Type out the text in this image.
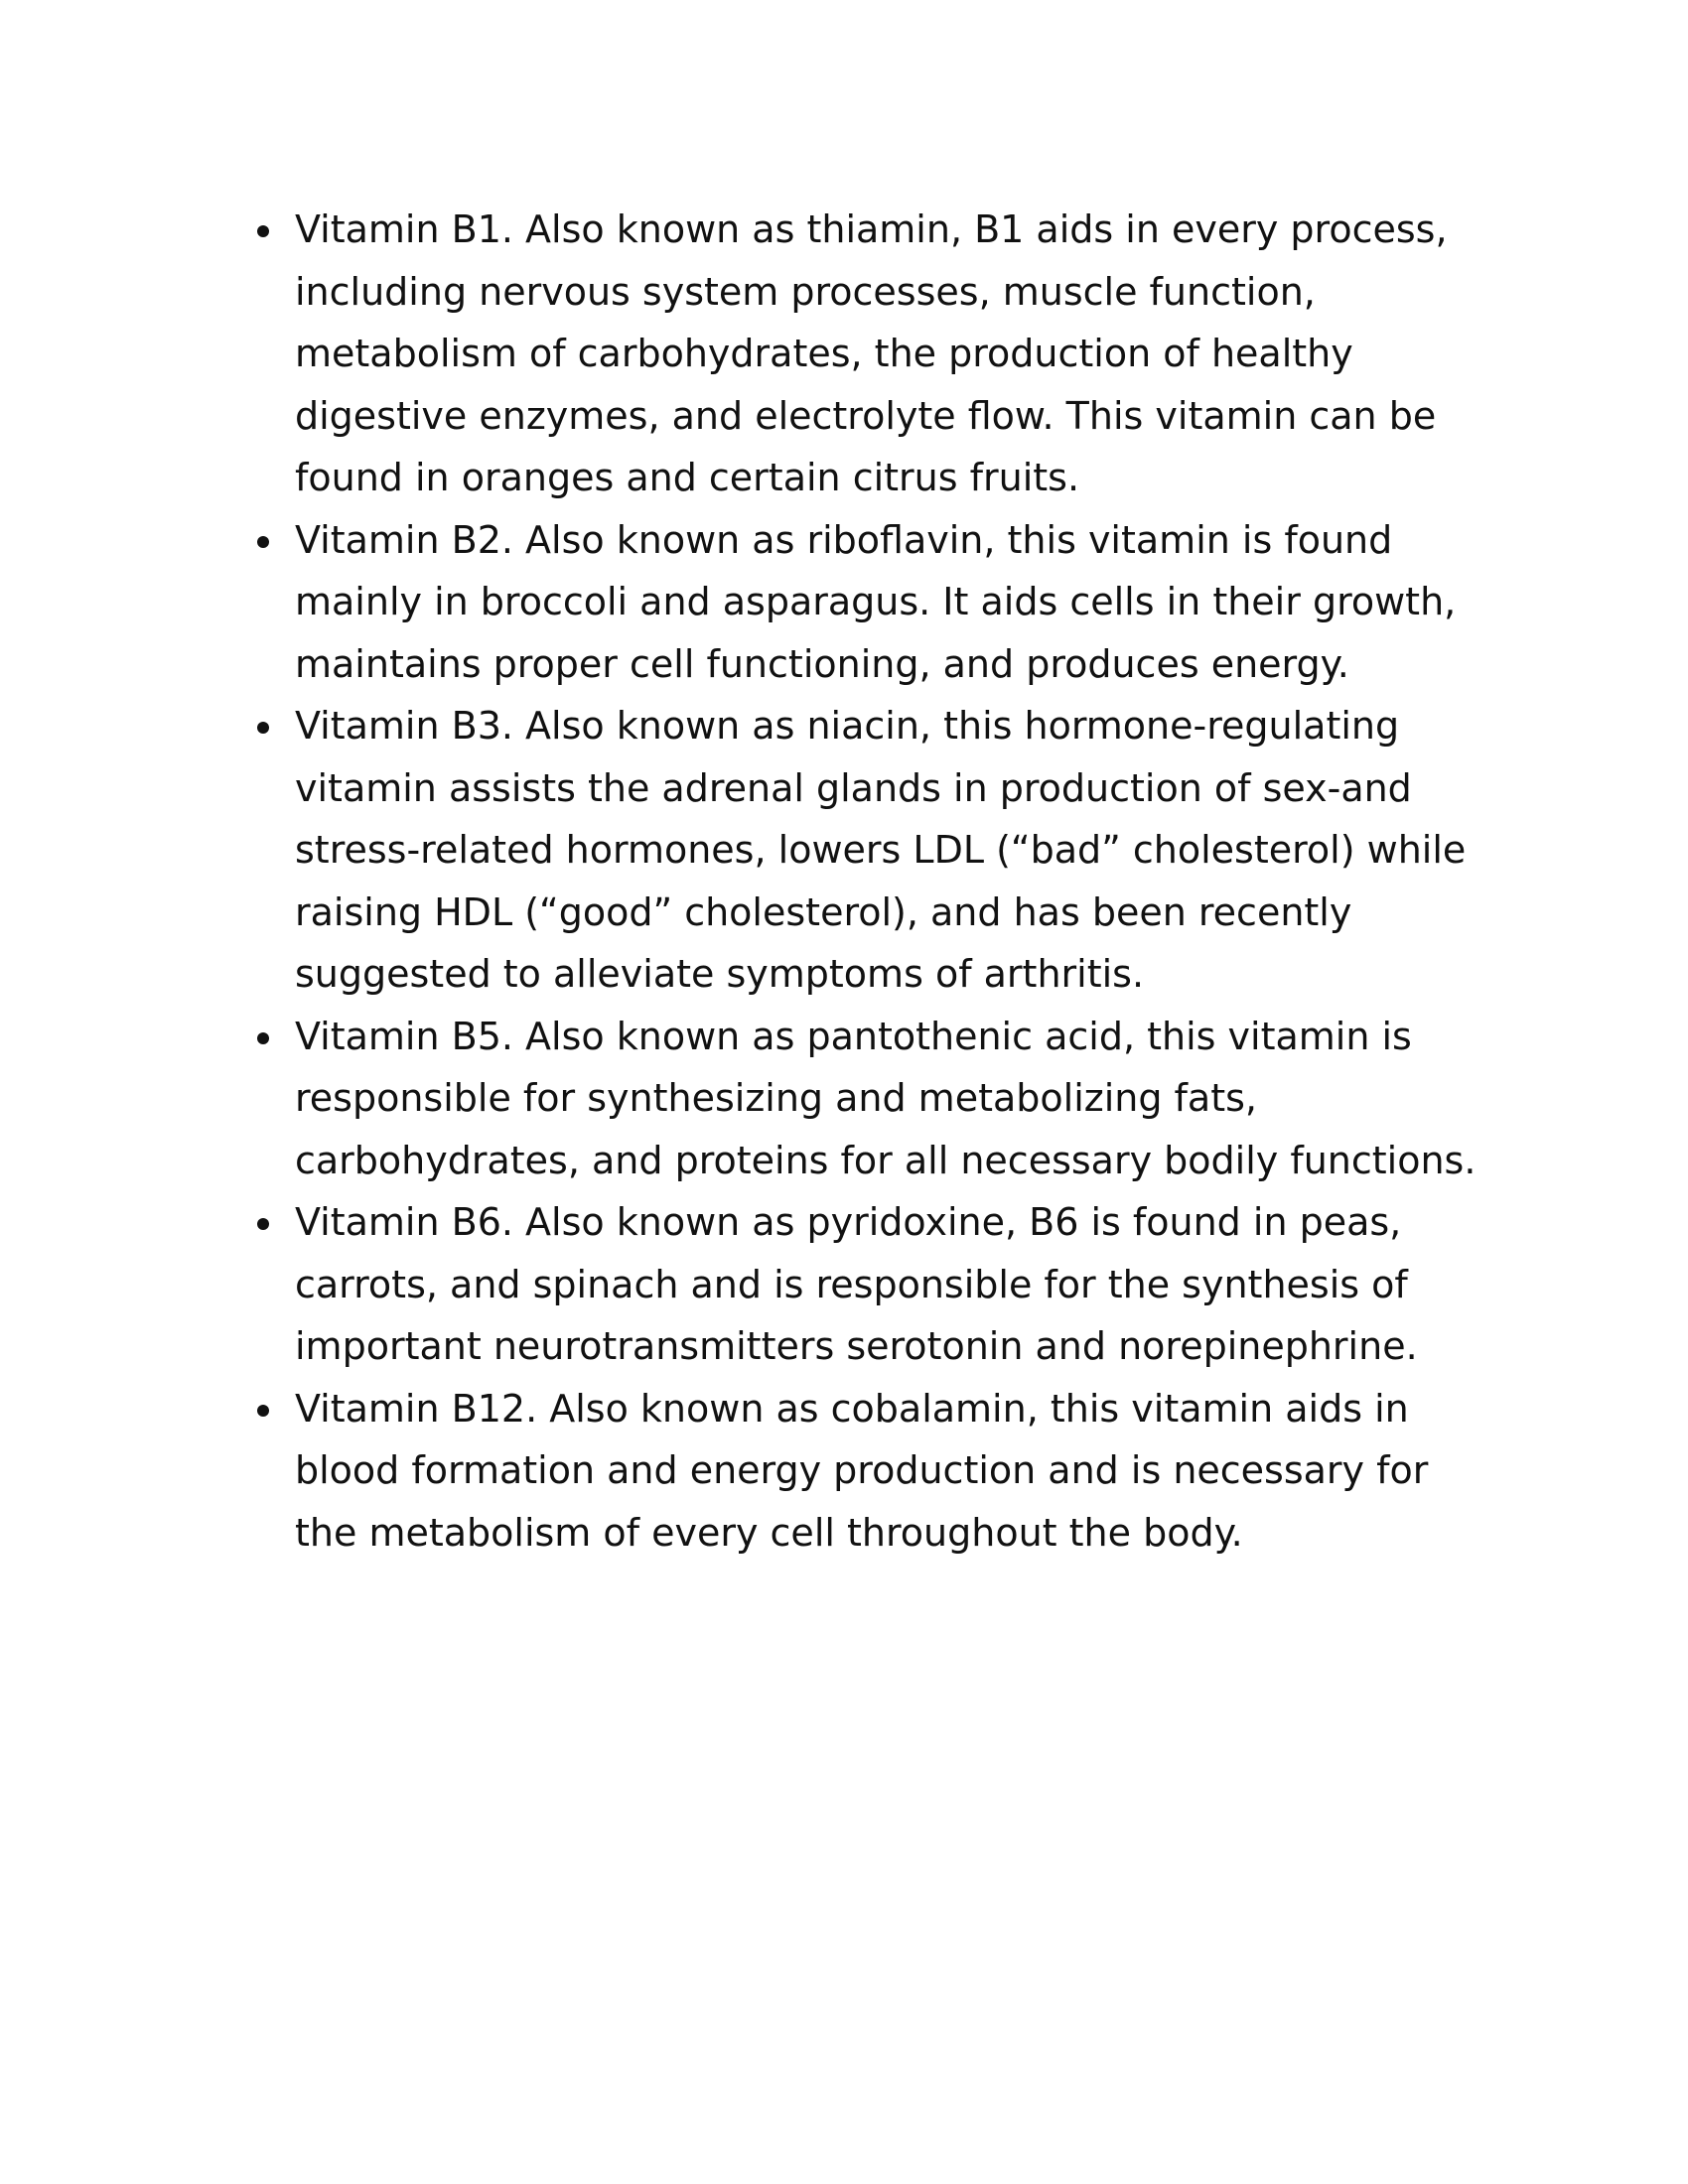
Vitamin B1. Also known as thiamin, B1 aids in every process, including nervous system processes, muscle function, metabolism of carbohydrates, the production of healthy digestive enzymes, and electrolyte flow. This vitamin can be found in oranges and certain citrus fruits.
Vitamin B2. Also known as riboflavin, this vitamin is found mainly in broccoli and asparagus. It aids cells in their growth, maintains proper cell functioning, and produces energy.
Vitamin B3. Also known as niacin, this hormone-regulating vitamin assists the adrenal glands in production of sex-and stress-related hormones, lowers LDL (“bad” cholesterol) while raising HDL (“good” cholesterol), and has been recently suggested to alleviate symptoms of arthritis.
Vitamin B5. Also known as pantothenic acid, this vitamin is responsible for synthesizing and metabolizing fats, carbohydrates, and proteins for all necessary bodily functions.
Vitamin B6. Also known as pyridoxine, B6 is found in peas, carrots, and spinach and is responsible for the synthesis of important neurotransmitters serotonin and norepinephrine.
Vitamin B12. Also known as cobalamin, this vitamin aids in blood formation and energy production and is necessary for the metabolism of every cell throughout the body.
